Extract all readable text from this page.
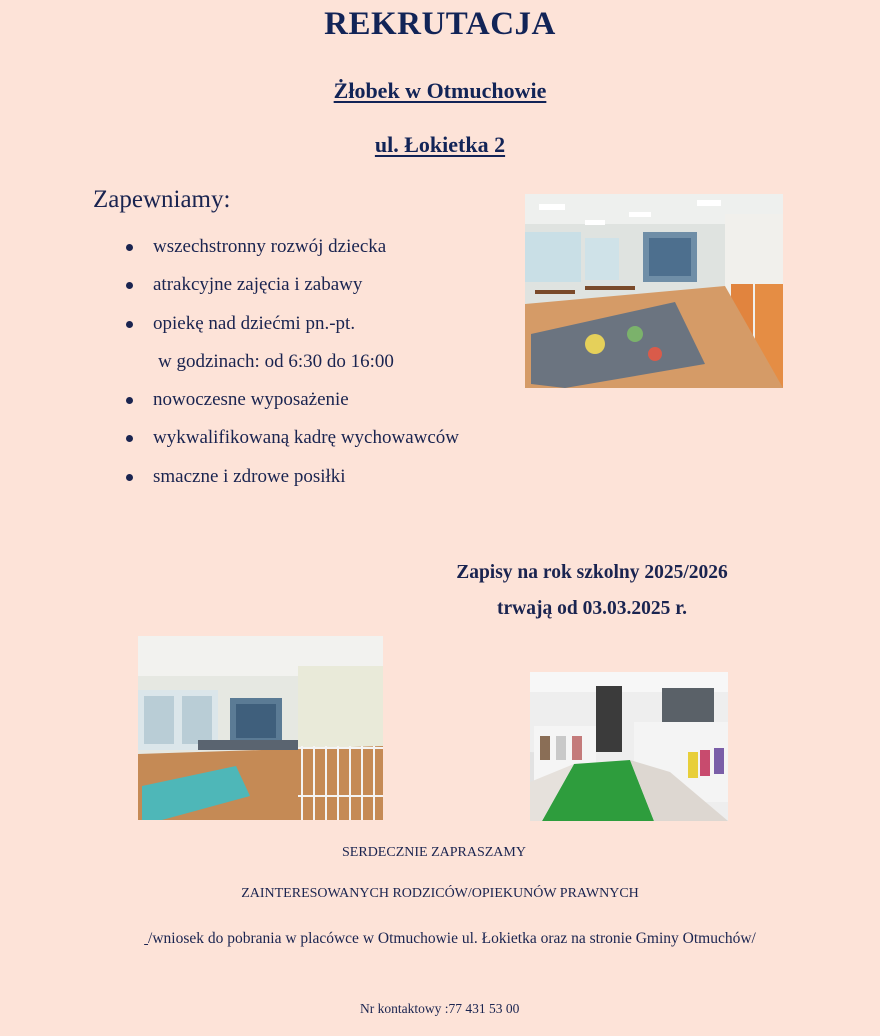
REKRUTACJA
Żłobek w Otmuchowie
ul. Łokietka 2
Zapewniamy:
wszechstronny rozwój dziecka
atrakcyjne zajęcia i zabawy
opiekę nad dziećmi pn.-pt.
w godzinach: od 6:30 do 16:00
nowoczesne wyposażenie
wykwalifikowaną kadrę wychowawców
smaczne i zdrowe posiłki
Zapisy na rok szkolny 2025/2026
trwają od 03.03.2025 r.
SERDECZNIE ZAPRASZAMY
ZAINTERESOWANYCH RODZICÓW/OPIEKUNÓW PRAWNYCH
/wniosek do pobrania w placówce w Otmuchowie ul. Łokietka oraz na stronie Gminy Otmuchów/
Nr kontaktowy :77 431 53 00
